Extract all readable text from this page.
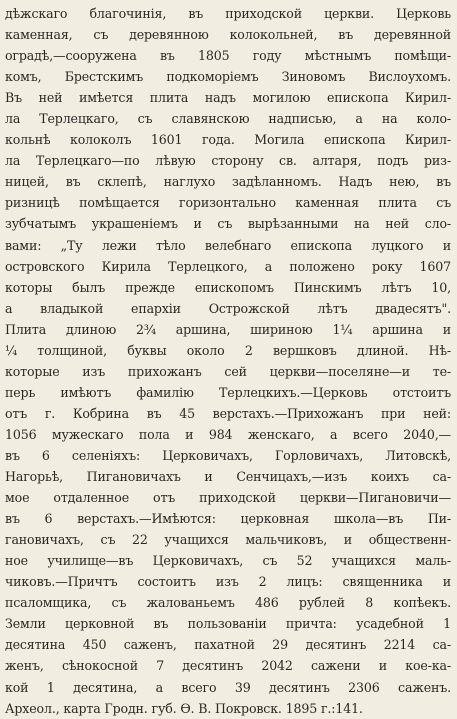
дѣжскаго благочинія, въ приходской церкви. Церковь
каменная, съ деревянною колокольней, въ деревянной
оградѣ,—сооружена въ 1805 году мѣстнымъ помѣщи-
комъ, Брестскимъ подкоморіемъ Зиновомъ Вислоухомъ.
Въ ней имѣется плита надъ могилою епископа Кирил-
ла Терлецкаго, съ славянскою надписью, а на коло-
кольнѣ колоколъ 1601 года. Могила епископа Кирил-
ла Терлецкаго—по лѣвую сторону св. алтаря, подъ риз-
ницей, въ склепѣ, наглухо задѣланномъ. Надъ нею, въ
ризницѣ помѣщается горизонтально каменная плита съ
зубчатымъ украшеніемъ и съ вырѣзанными на ней сло-
вами: „Ту лежи тѣло велебнаго епископа луцкого и
островского Кирила Терлецкого, а положено року 1607
которы былъ прежде епископомъ Пинскимъ лѣтъ 10,
а владыкой епархіи Острожской лѣтъ двадесятъ".
Плита длиною 2¾ аршина, шириною 1¼ аршина и
¼ толщиной, буквы около 2 вершковъ длиной. Нѣ-
которые изъ прихожанъ сей церкви—поселяне—и те-
перь имѣютъ фамилію Терлецкихъ.—Церковь отстоитъ
отъ г. Кобрина въ 45 верстахъ.—Прихожанъ при ней:
1056 мужескаго пола и 984 женскаго, а всего 2040,—
въ 6 селеніяхъ: Церковичахъ, Горловичахъ, Литовскѣ,
Нагорьѣ, Пигановичахъ и Сенчицахъ,—изъ коихъ са-
мое отдаленное отъ приходской церкви—Пигановичи—
въ 6 верстахъ.—Имѣются: церковная школа—въ Пи-
гановичахъ, съ 22 учащихся мальчиковъ, и общественн-
ное училище—въ Церковичахъ, съ 52 учащихся маль-
чиковъ.—Причтъ состоитъ изъ 2 лицъ: священника и
псаломщика, съ жалованьемъ 486 рублей 8 копѣекъ.
Земли церковной въ пользованіи причта: усадебной 1
десятина 450 саженъ, пахатной 29 десятинъ 2214 са-
женъ, сѣнокосной 7 десятинъ 2042 сажени и кое-ка-
кой 1 десятина, а всего 39 десятинъ 2306 саженъ.
Археол., карта Гродн. губ. Ѳ. В. Покровск. 1895 г.:141.
